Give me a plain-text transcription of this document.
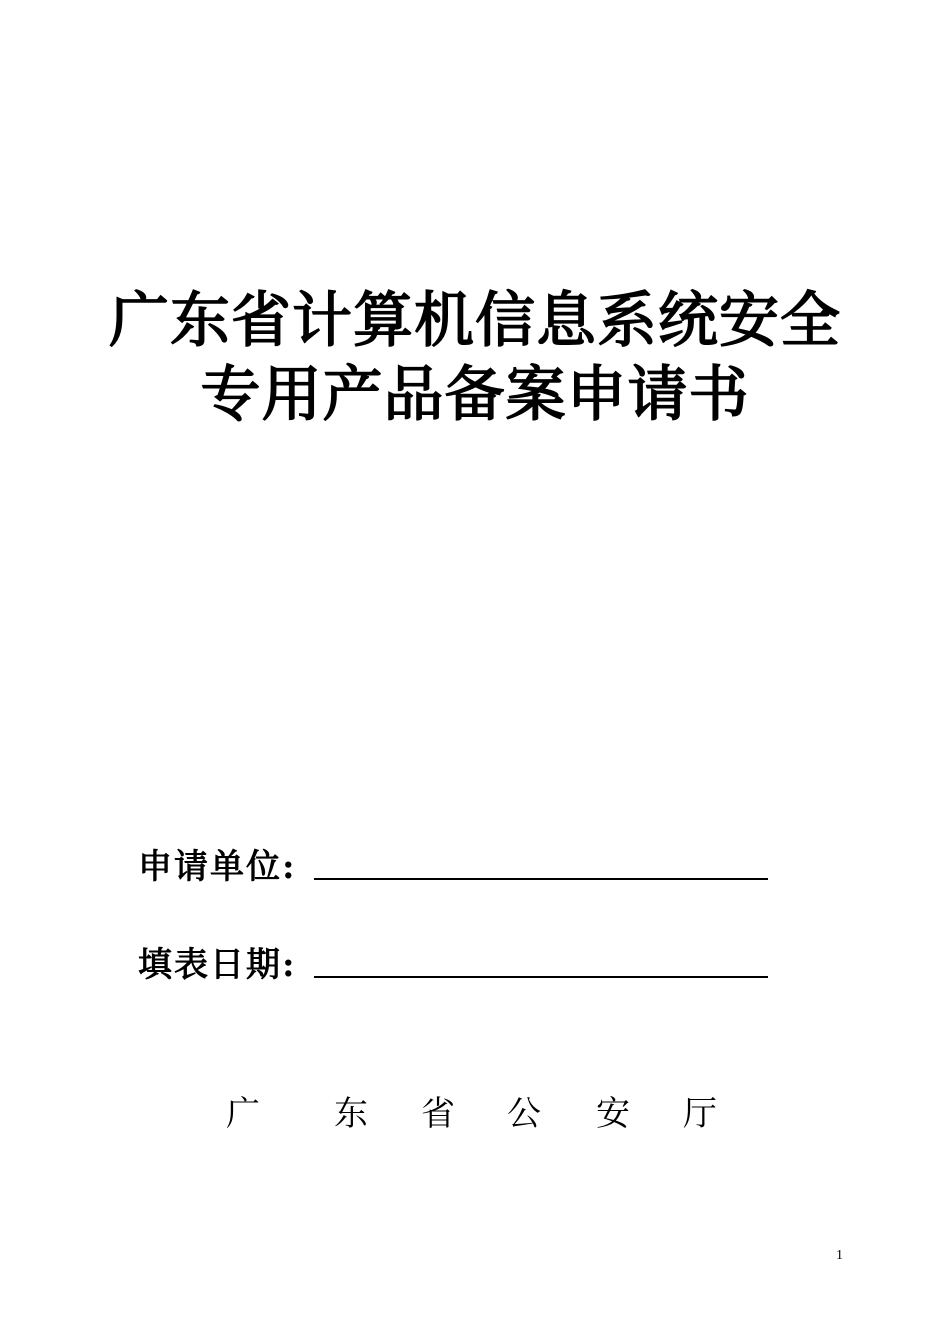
广东省计算机信息系统安全
专用产品备案申请书
申请单位:
填表日期:
广 东 省 公 安 厅
1
